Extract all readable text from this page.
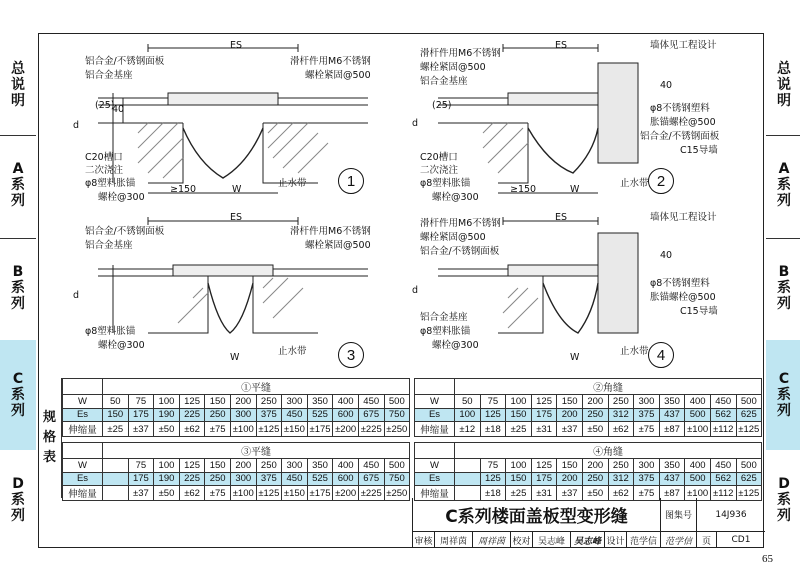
总说明
A系列
B系列
C系列
D系列
总说明
A系列
B系列
C系列
D系列
ES
铝合金/不锈钢面板
铝合金基座
滑杆件用M6不锈钢
螺栓紧固@500
(25)
40
d
C20槽口
二次浇注
φ8塑料胀锚
螺栓@300
≥150	W
止水带	1
ES
滑杆件用M6不锈钢
螺栓紧固@500
铝合金基座
墙体见工程设计
40
(25)
d
φ8不锈钢塑料
胀锚螺栓@500
铝合金/不锈钢面板
C15导墙
C20槽口
二次浇注
φ8塑料胀锚
螺栓@300
≥150	W
止水带 2
ES
铝合金/不锈钢面板
铝合金基座
滑杆件用M6不锈钢
螺栓紧固@500
d
φ8塑料胀锚
螺栓@300
W
止水带	3
ES	墙体见工程设计
滑杆件用M6不锈钢
螺栓紧固@500
铝合金/不锈钢面板	40
d
φ8不锈钢塑料
胀锚螺栓@500
C15导墙
铝合金基座
φ8塑料胀锚
螺栓@300
W
止水带 4
规格表
	①平缝											
W	50	75	100	125	150	200	250	300	350	400	450	500
Es	150	175	190	225	250	300	375	450	525	600	675	750
伸缩量	±25	±37	±50	±62	±75	±100	±125	±150	±175	±200	±225	±250
	②角缝											
W	50	75	100	125	150	200	250	300	350	400	450	500
Es	100	125	150	175	200	250	312	375	437	500	562	625
伸缩量	±12	±18	±25	±31	±37	±50	±62	±75	±87	±100	±112	±125
	③平缝											
W		75	100	125	150	200	250	300	350	400	450	500
Es		175	190	225	250	300	375	450	525	600	675	750
伸缩量		±37	±50	±62	±75	±100	±125	±150	±175	±200	±225	±250
	④角缝											
W		75	100	125	150	200	250	300	350	400	450	500
Es		125	150	175	200	250	312	375	437	500	562	625
伸缩量		±18	±25	±31	±37	±50	±62	±75	±87	±100	±112	±125
C系列楼面盖板型变形缝	图集号	14J936
审核 周祥茵	周祥茵 校对 吴志峰 吴志峰 设计 范学信 范学信	页	CD1
65
